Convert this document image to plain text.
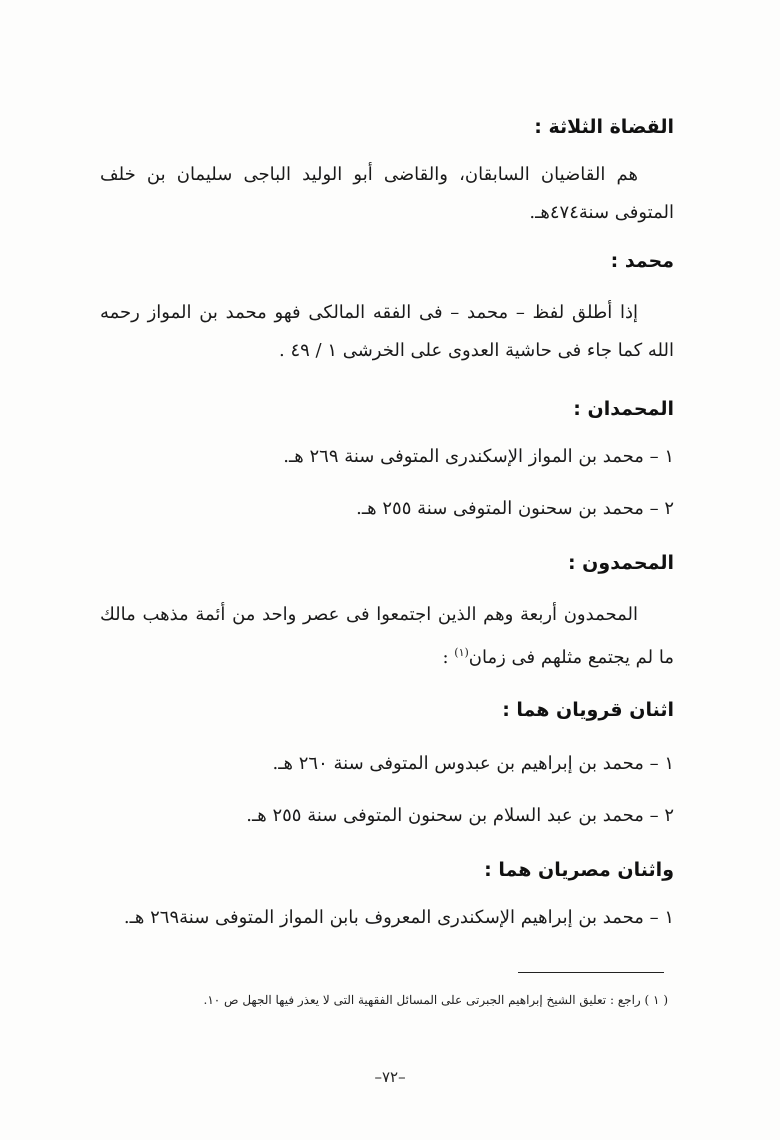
القضاة الثلاثة :

هم القاضيان السابقان، والقاضى أبو الوليد الباجى سليمان بن خلف المتوفى سنة٤٧٤هـ.

محمد :

إذا أطلق لفظ – محمد – فى الفقه المالكى فهو محمد بن المواز رحمه الله كما جاء فى حاشية العدوى على الخرشى ١ / ٤٩ .

المحمدان :

١ – محمد بن المواز الإسكندرى المتوفى سنة ٢٦٩ هـ.

٢ – محمد بن سحنون المتوفى سنة ٢٥٥ هـ.

المحمدون :

المحمدون أربعة وهم الذين اجتمعوا فى عصر واحد من أئمة مذهب مالك ما لم يجتمع مثلهم فى زمان$^{(١)}$ :

اثنان قرويان هما :

١ – محمد بن إبراهيم بن عبدوس المتوفى سنة ٢٦٠ هـ.

٢ – محمد بن عبد السلام بن سحنون المتوفى سنة ٢٥٥ هـ.

واثنان مصريان هما :

١ – محمد بن إبراهيم الإسكندرى المعروف بابن المواز المتوفى سنة٢٦٩ هـ.

( ١ ) راجع : تعليق الشيخ إبراهيم الجبرتى على المسائل الفقهية التى لا يعذر فيها الجهل ص ١٠.
–٧٢–
